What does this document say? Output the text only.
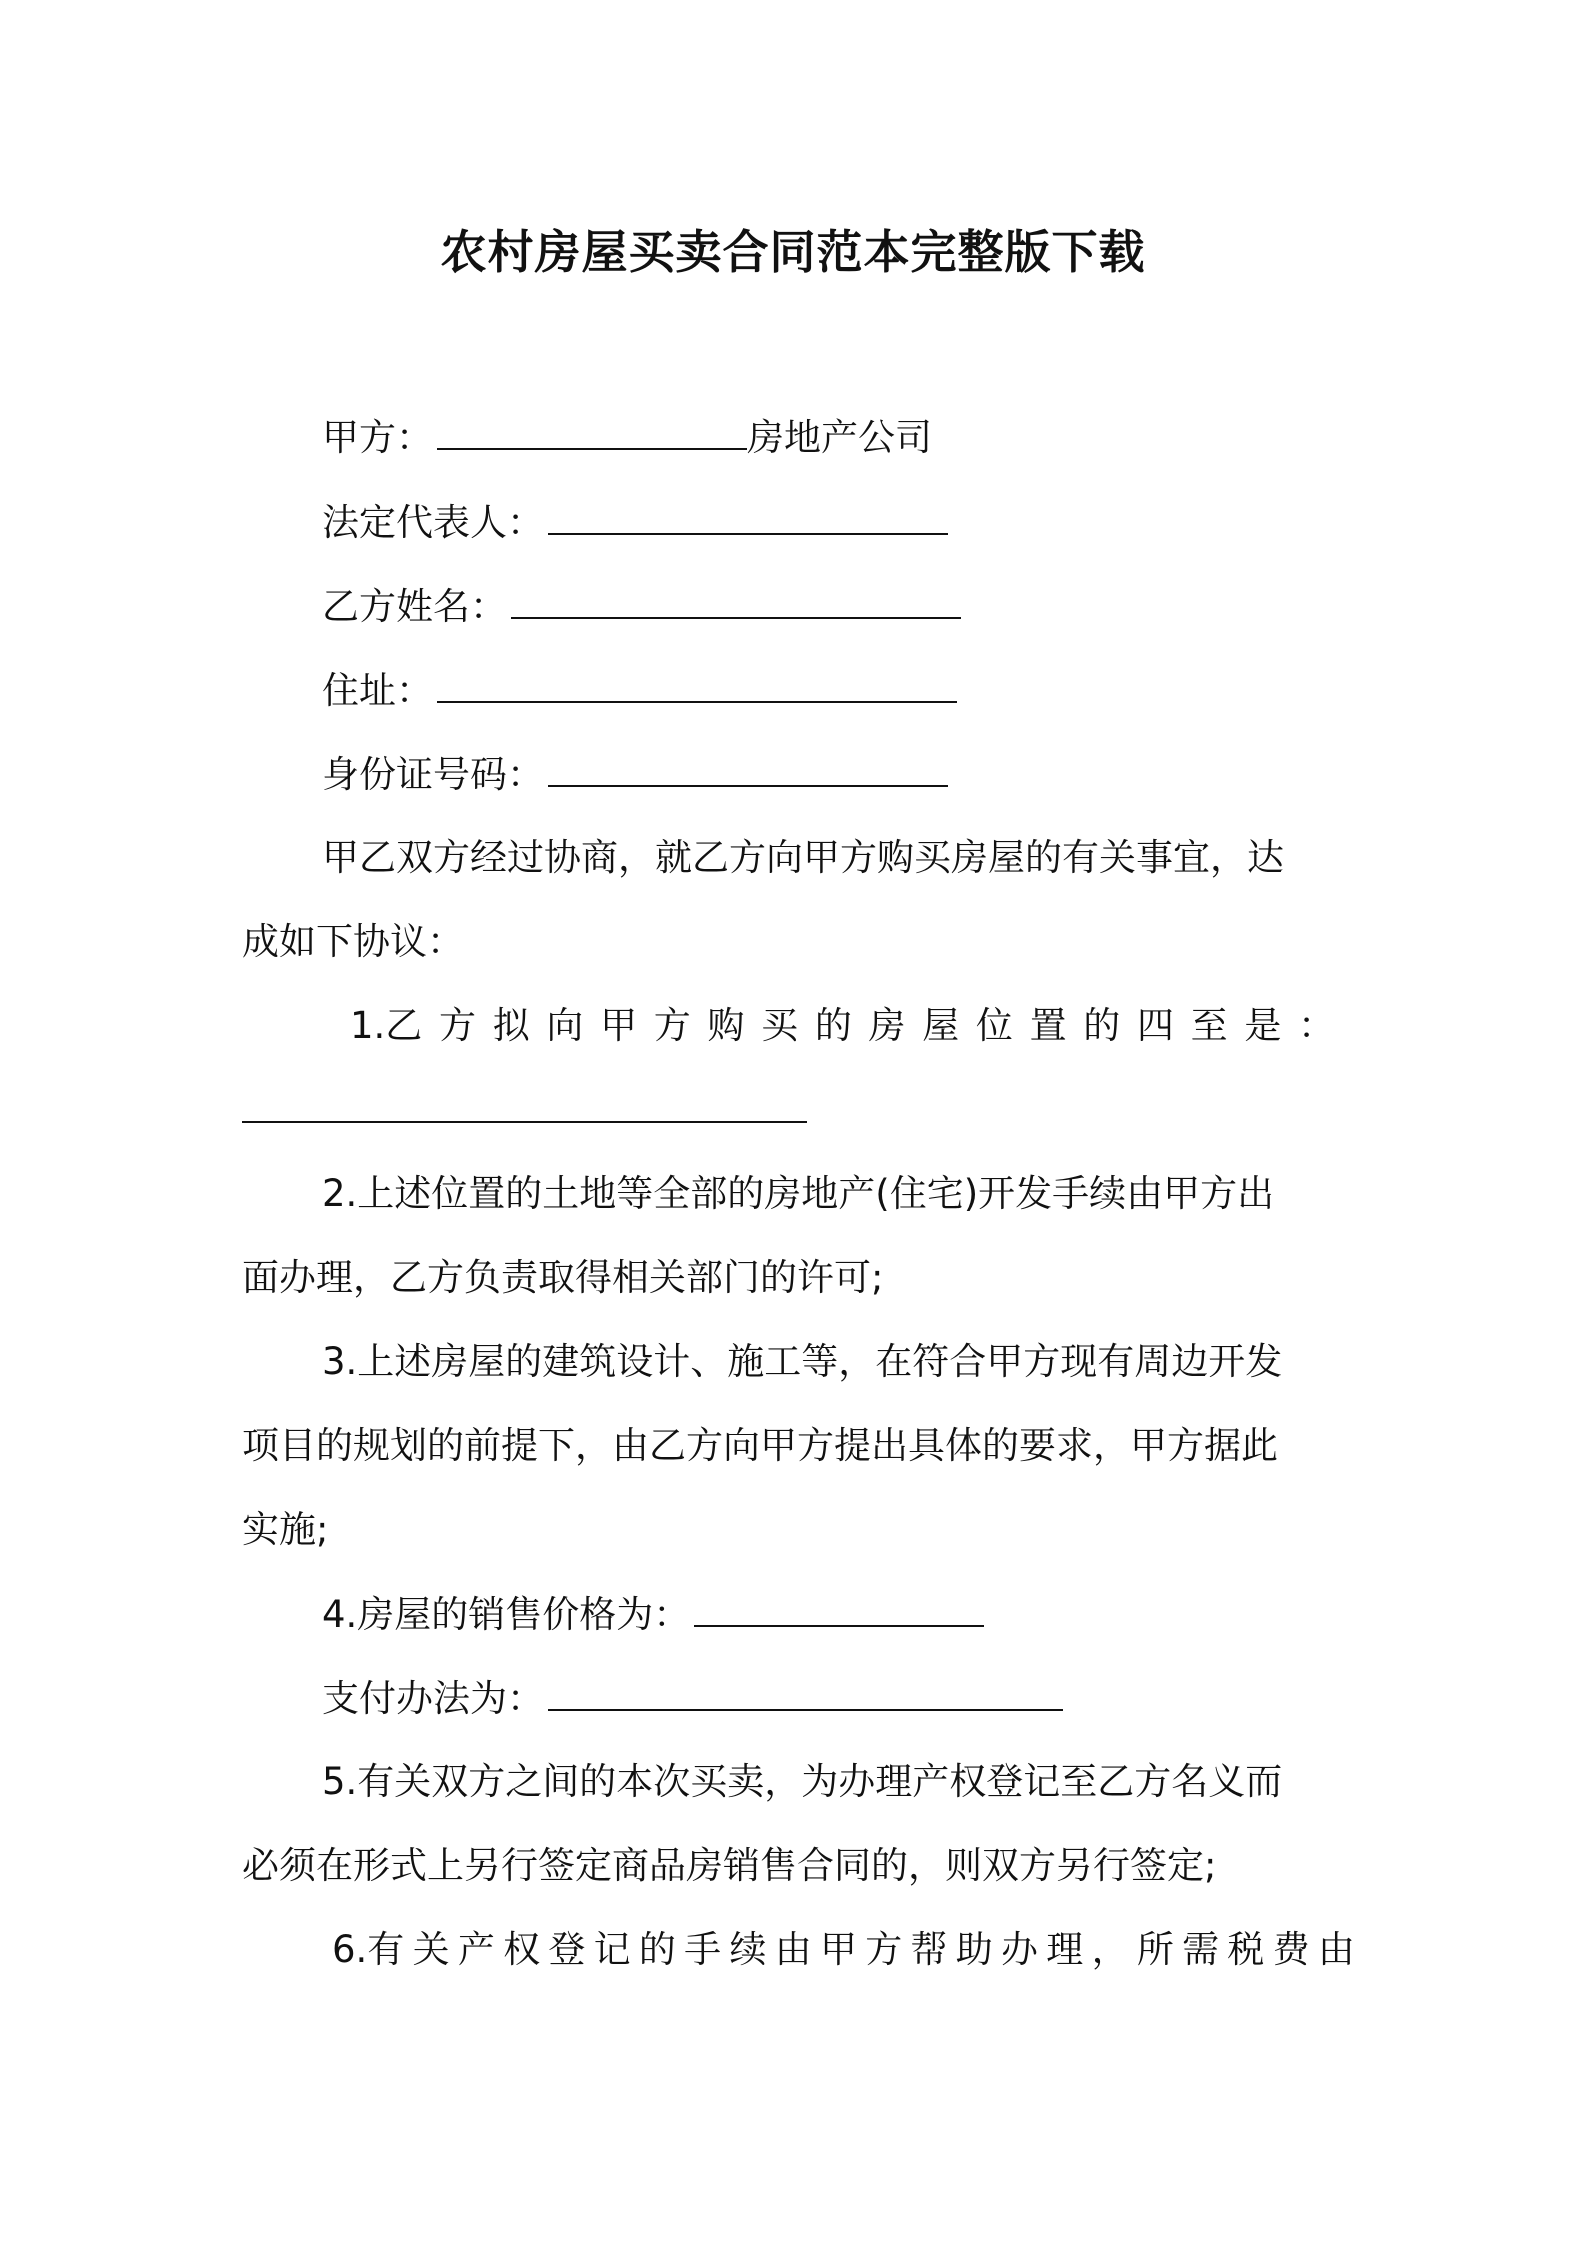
农村房屋买卖合同范本完整版下载
甲方：	房地产公司
法定代表人：
乙方姓名：
住址：
身份证号码：
甲乙双方经过协商，就乙方向甲方购买房屋的有关事宜，达
成如下协议：
1.乙 方 拟 向 甲 方 购 买 的 房 屋 位 置 的 四 至 是 ：
2.上述位置的土地等全部的房地产(住宅)开发手续由甲方出
面办理，乙方负责取得相关部门的许可;
3.上述房屋的建筑设计、施工等，在符合甲方现有周边开发
项目的规划的前提下，由乙方向甲方提出具体的要求，甲方据此
实施;
4.房屋的销售价格为：
支付办法为：
5.有关双方之间的本次买卖，为办理产权登记至乙方名义而
必须在形式上另行签定商品房销售合同的，则双方另行签定;
6.有 关 产 权 登 记 的 手 续 由 甲 方 帮 助 办 理 ， 所 需 税 费 由
